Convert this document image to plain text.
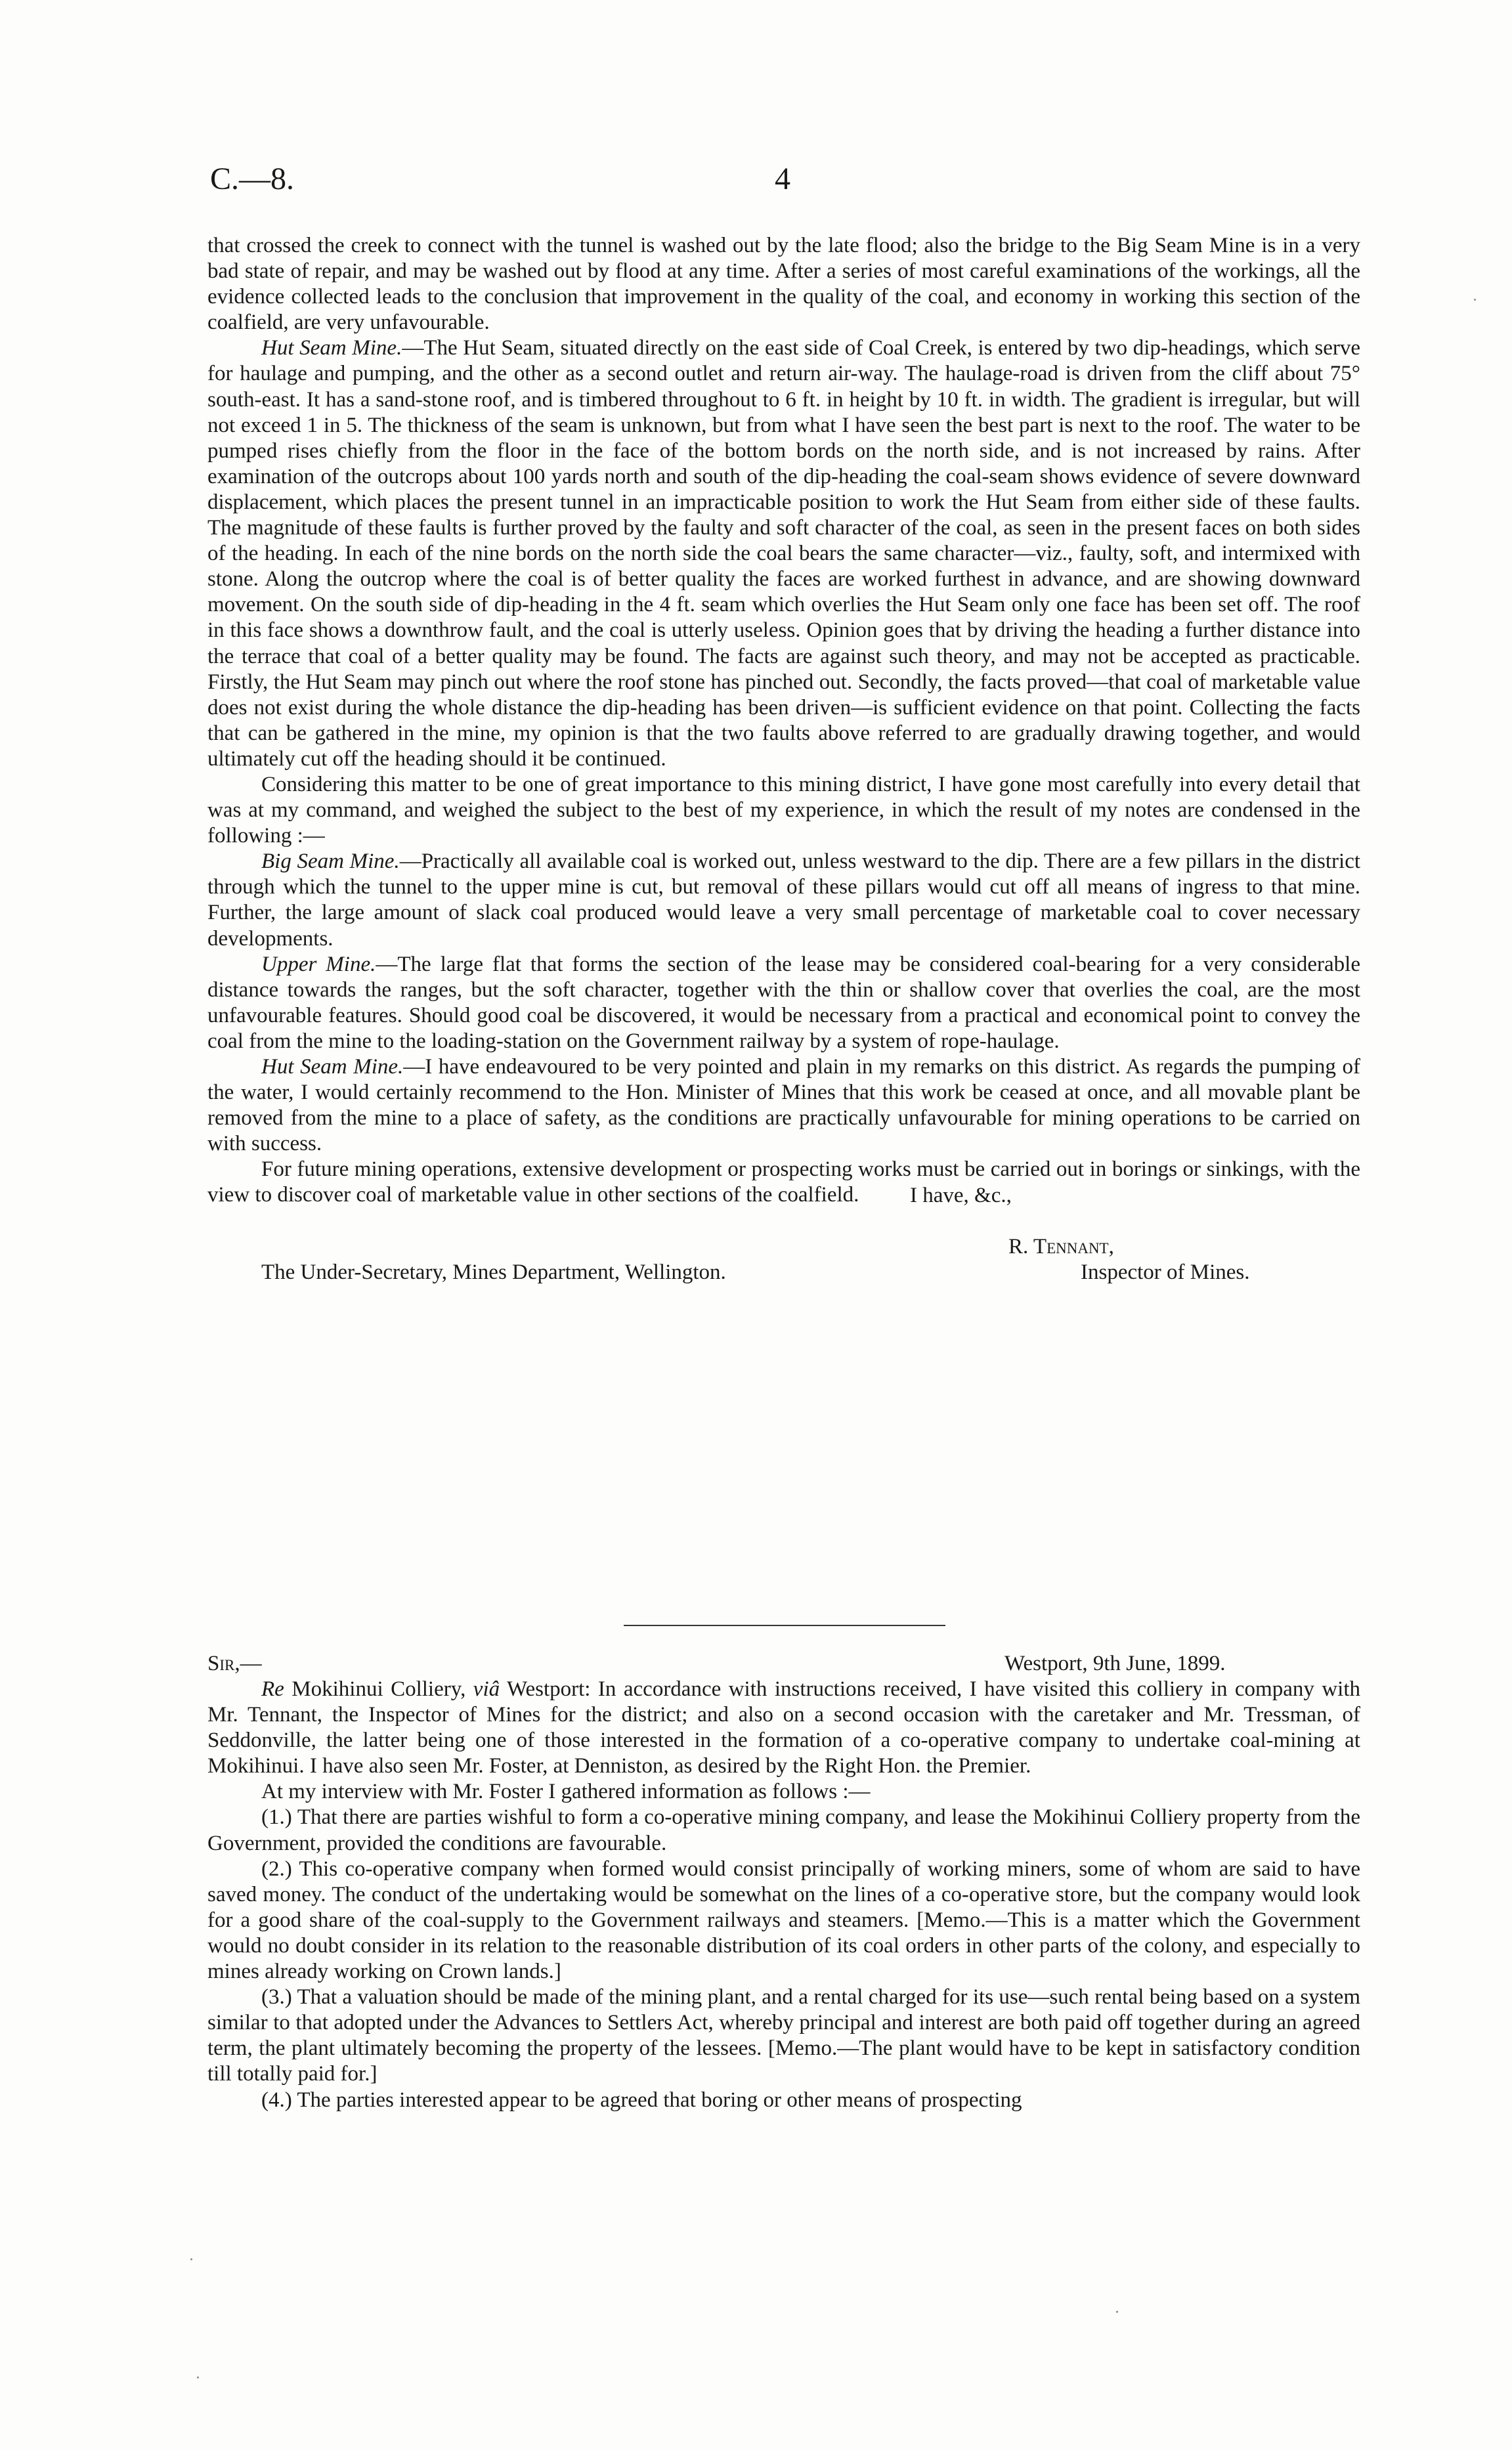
C.—8.	4

that crossed the creek to connect with the tunnel is washed out by the late flood; also the bridge to the Big Seam Mine is in a very bad state of repair, and may be washed out by flood at any time. After a series of most careful examinations of the workings, all the evidence collected leads to the conclusion that improvement in the quality of the coal, and economy in working this section of the coalfield, are very unfavourable.

Hut Seam Mine.—The Hut Seam, situated directly on the east side of Coal Creek, is entered by two dip-headings, which serve for haulage and pumping, and the other as a second outlet and return air-way. The haulage-road is driven from the cliff about 75° south-east. It has a sand-stone roof, and is timbered throughout to 6 ft. in height by 10 ft. in width. The gradient is irregular, but will not exceed 1 in 5. The thickness of the seam is unknown, but from what I have seen the best part is next to the roof. The water to be pumped rises chiefly from the floor in the face of the bottom bords on the north side, and is not increased by rains. After examination of the outcrops about 100 yards north and south of the dip-heading the coal-seam shows evidence of severe downward displacement, which places the present tunnel in an impracticable position to work the Hut Seam from either side of these faults. The magnitude of these faults is further proved by the faulty and soft character of the coal, as seen in the present faces on both sides of the heading. In each of the nine bords on the north side the coal bears the same character—viz., faulty, soft, and intermixed with stone. Along the outcrop where the coal is of better quality the faces are worked furthest in advance, and are showing downward movement. On the south side of dip-heading in the 4 ft. seam which overlies the Hut Seam only one face has been set off. The roof in this face shows a downthrow fault, and the coal is utterly useless. Opinion goes that by driving the heading a further distance into the terrace that coal of a better quality may be found. The facts are against such theory, and may not be accepted as practicable. Firstly, the Hut Seam may pinch out where the roof stone has pinched out. Secondly, the facts proved—that coal of marketable value does not exist during the whole distance the dip-heading has been driven—is sufficient evidence on that point. Collecting the facts that can be gathered in the mine, my opinion is that the two faults above referred to are gradually drawing together, and would ultimately cut off the heading should it be continued.

Considering this matter to be one of great importance to this mining district, I have gone most carefully into every detail that was at my command, and weighed the subject to the best of my experience, in which the result of my notes are condensed in the following :—

Big Seam Mine.—Practically all available coal is worked out, unless westward to the dip. There are a few pillars in the district through which the tunnel to the upper mine is cut, but removal of these pillars would cut off all means of ingress to that mine. Further, the large amount of slack coal produced would leave a very small percentage of marketable coal to cover necessary developments.

Upper Mine.—The large flat that forms the section of the lease may be considered coal-bearing for a very considerable distance towards the ranges, but the soft character, together with the thin or shallow cover that overlies the coal, are the most unfavourable features. Should good coal be discovered, it would be necessary from a practical and economical point to convey the coal from the mine to the loading-station on the Government railway by a system of rope-haulage.

Hut Seam Mine.—I have endeavoured to be very pointed and plain in my remarks on this district. As regards the pumping of the water, I would certainly recommend to the Hon. Minister of Mines that this work be ceased at once, and all movable plant be removed from the mine to a place of safety, as the conditions are practically unfavourable for mining operations to be carried on with success.

For future mining operations, extensive development or prospecting works must be carried out in borings or sinkings, with the view to discover coal of marketable value in other sections of the coalfield.	I have, &c.,
R. Tennant,
The Under-Secretary, Mines Department, Wellington.	Inspector of Mines.
Sir,—	Westport, 9th June, 1899.

Re Mokihinui Colliery, viâ Westport: In accordance with instructions received, I have visited this colliery in company with Mr. Tennant, the Inspector of Mines for the district; and also on a second occasion with the caretaker and Mr. Tressman, of Seddonville, the latter being one of those interested in the formation of a co-operative company to undertake coal-mining at Mokihinui. I have also seen Mr. Foster, at Denniston, as desired by the Right Hon. the Premier.

At my interview with Mr. Foster I gathered information as follows :—

(1.) That there are parties wishful to form a co-operative mining company, and lease the Mokihinui Colliery property from the Government, provided the conditions are favourable.

(2.) This co-operative company when formed would consist principally of working miners, some of whom are said to have saved money. The conduct of the undertaking would be somewhat on the lines of a co-operative store, but the company would look for a good share of the coal-supply to the Government railways and steamers. [Memo.—This is a matter which the Government would no doubt consider in its relation to the reasonable distribution of its coal orders in other parts of the colony, and especially to mines already working on Crown lands.]

(3.) That a valuation should be made of the mining plant, and a rental charged for its use—such rental being based on a system similar to that adopted under the Advances to Settlers Act, whereby principal and interest are both paid off together during an agreed term, the plant ultimately becoming the property of the lessees. [Memo.—The plant would have to be kept in satisfactory condition till totally paid for.]

(4.) The parties interested appear to be agreed that boring or other means of prospecting
